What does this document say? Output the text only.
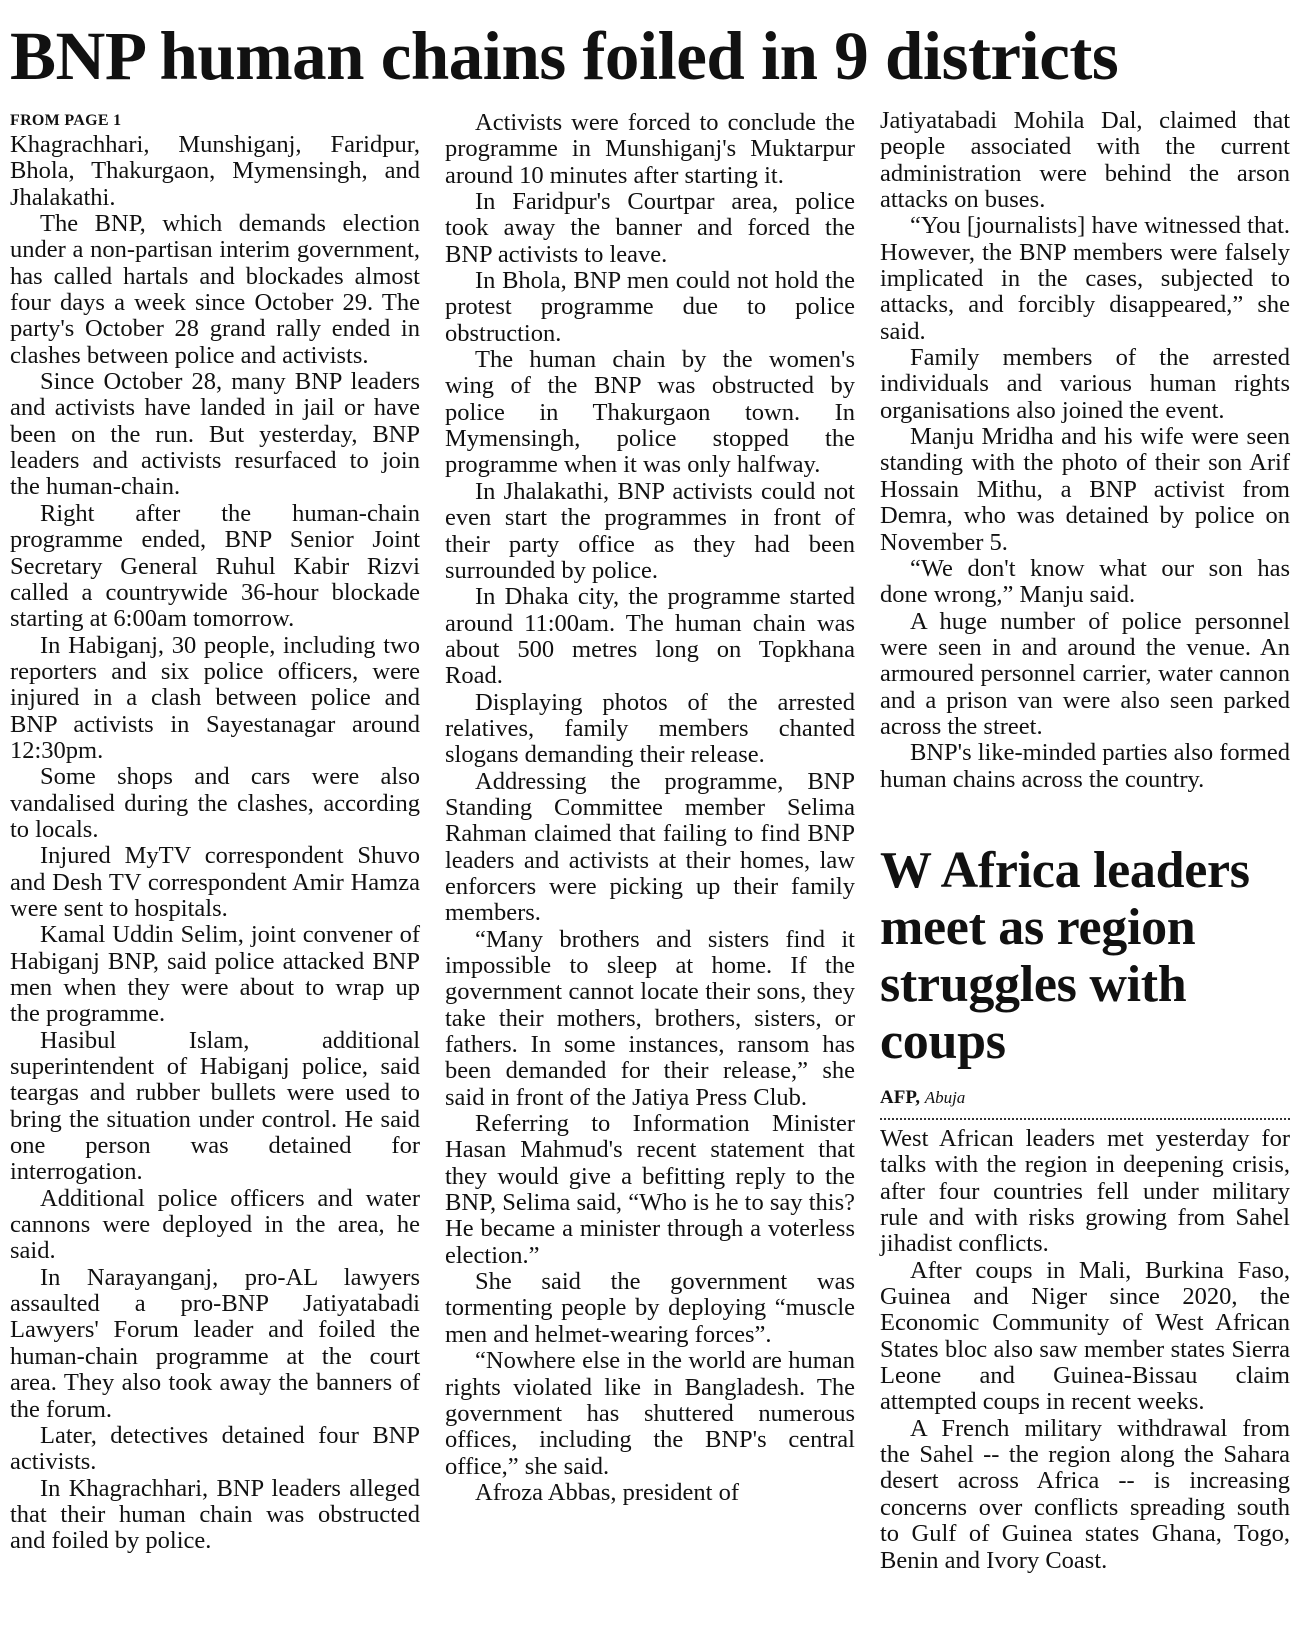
BNP human chains foiled in 9 districts
FROM PAGE 1

Khagrachhari, Munshiganj, Faridpur, Bhola, Thakurgaon, Mymensingh, and Jhalakathi.

The BNP, which demands election under a non-partisan interim government, has called hartals and blockades almost four days a week since October 29. The party's October 28 grand rally ended in clashes between police and activists.

Since October 28, many BNP leaders and activists have landed in jail or have been on the run. But yesterday, BNP leaders and activists resurfaced to join the human-chain.

Right after the human-chain programme ended, BNP Senior Joint Secretary General Ruhul Kabir Rizvi called a countrywide 36-hour blockade starting at 6:00am tomorrow.

In Habiganj, 30 people, including two reporters and six police officers, were injured in a clash between police and BNP activists in Sayestanagar around 12:30pm.

Some shops and cars were also vandalised during the clashes, according to locals.

Injured MyTV correspondent Shuvo and Desh TV correspondent Amir Hamza were sent to hospitals.

Kamal Uddin Selim, joint convener of Habiganj BNP, said police attacked BNP men when they were about to wrap up the programme.

Hasibul Islam, additional superintendent of Habiganj police, said teargas and rubber bullets were used to bring the situation under control. He said one person was detained for interrogation.

Additional police officers and water cannons were deployed in the area, he said.

In Narayanganj, pro-AL lawyers assaulted a pro-BNP Jatiyatabadi Lawyers' Forum leader and foiled the human-chain programme at the court area. They also took away the banners of the forum.

Later, detectives detained four BNP activists.

In Khagrachhari, BNP leaders alleged that their human chain was obstructed and foiled by police.

Activists were forced to conclude the programme in Munshiganj's Muktarpur around 10 minutes after starting it.

In Faridpur's Courtpar area, police took away the banner and forced the BNP activists to leave.

In Bhola, BNP men could not hold the protest programme due to police obstruction.

The human chain by the women's wing of the BNP was obstructed by police in Thakurgaon town. In Mymensingh, police stopped the programme when it was only halfway.

In Jhalakathi, BNP activists could not even start the programmes in front of their party office as they had been surrounded by police.

In Dhaka city, the programme started around 11:00am. The human chain was about 500 metres long on Topkhana Road.

Displaying photos of the arrested relatives, family members chanted slogans demanding their release.

Addressing the programme, BNP Standing Committee member Selima Rahman claimed that failing to find BNP leaders and activists at their homes, law enforcers were picking up their family members.

“Many brothers and sisters find it impossible to sleep at home. If the government cannot locate their sons, they take their mothers, brothers, sisters, or fathers. In some instances, ransom has been demanded for their release,” she said in front of the Jatiya Press Club.

Referring to Information Minister Hasan Mahmud's recent statement that they would give a befitting reply to the BNP, Selima said, “Who is he to say this? He became a minister through a voterless election.”

She said the government was tormenting people by deploying “muscle men and helmet-wearing forces”.

“Nowhere else in the world are human rights violated like in Bangladesh. The government has shuttered numerous offices, including the BNP's central office,” she said.

Afroza Abbas, president of

Jatiyatabadi Mohila Dal, claimed that people associated with the current administration were behind the arson attacks on buses.

“You [journalists] have witnessed that. However, the BNP members were falsely implicated in the cases, subjected to attacks, and forcibly disappeared,” she said.

Family members of the arrested individuals and various human rights organisations also joined the event.

Manju Mridha and his wife were seen standing with the photo of their son Arif Hossain Mithu, a BNP activist from Demra, who was detained by police on November 5.

“We don't know what our son has done wrong,” Manju said.

A huge number of police personnel were seen in and around the venue. An armoured personnel carrier, water cannon and a prison van were also seen parked across the street.

BNP's like-minded parties also formed human chains across the country.

W Africa leaders meet as region struggles with coups
AFP, Abuja

West African leaders met yesterday for talks with the region in deepening crisis, after four countries fell under military rule and with risks growing from Sahel jihadist conflicts.

After coups in Mali, Burkina Faso, Guinea and Niger since 2020, the Economic Community of West African States bloc also saw member states Sierra Leone and Guinea-Bissau claim attempted coups in recent weeks.

A French military withdrawal from the Sahel -- the region along the Sahara desert across Africa -- is increasing concerns over conflicts spreading south to Gulf of Guinea states Ghana, Togo, Benin and Ivory Coast.
